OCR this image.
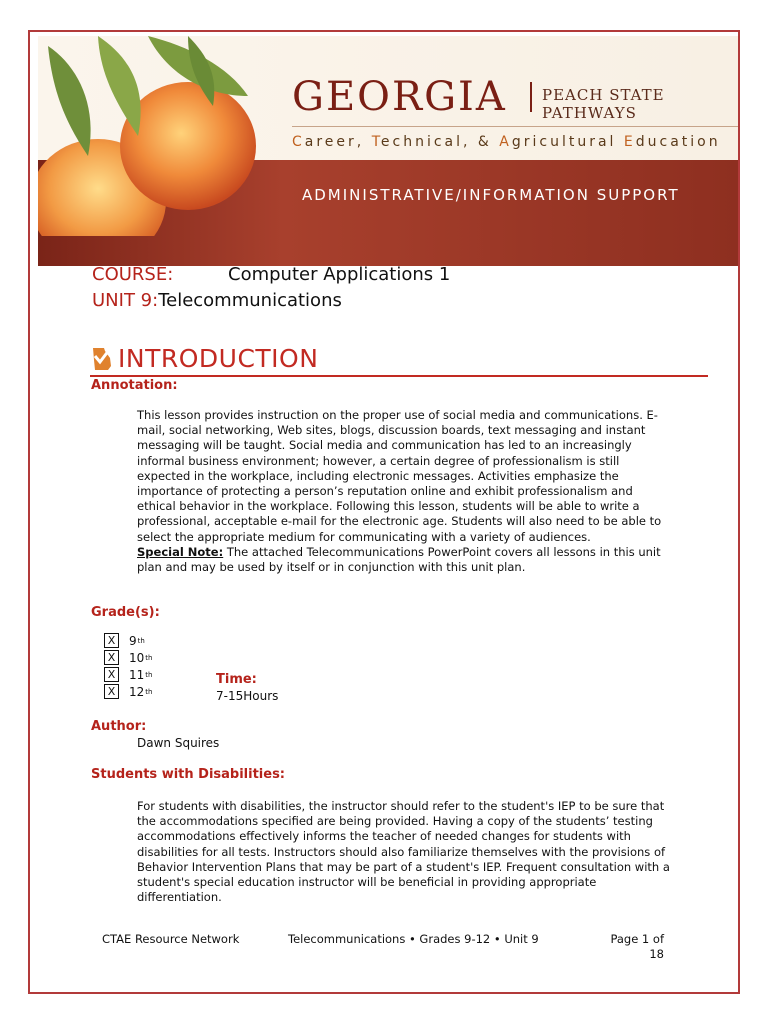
GEORGIA PEACH STATE PATHWAYS
Career, Technical, & Agricultural Education
ADMINISTRATIVE/INFORMATION SUPPORT
COURSE:	Computer Applications 1
UNIT 9:Telecommunications
INTRODUCTION
Annotation:
This lesson provides instruction on the proper use of social media and communications. E-mail, social networking, Web sites, blogs, discussion boards, text messaging and instant messaging will be taught. Social media and communication has led to an increasingly informal business environment; however, a certain degree of professionalism is still expected in the workplace, including electronic messages. Activities emphasize the importance of protecting a person’s reputation online and exhibit professionalism and ethical behavior in the workplace. Following this lesson, students will be able to write a professional, acceptable e-mail for the electronic age. Students will also need to be able to select the appropriate medium for communicating with a variety of audiences.
Special Note: The attached Telecommunications PowerPoint covers all lessons in this unit plan and may be used by itself or in conjunction with this unit plan.
Grade(s):
X	9 th
X	10 th
X	11 th
X	12 th
Time:
7-15Hours
Author:
Dawn Squires
Students with Disabilities:
For students with disabilities, the instructor should refer to the student's IEP to be sure that the accommodations specified are being provided. Having a copy of the students’ testing accommodations effectively informs the teacher of needed changes for students with disabilities for all tests. Instructors should also familiarize themselves with the provisions of Behavior Intervention Plans that may be part of a student's IEP. Frequent consultation with a student's special education instructor will be beneficial in providing appropriate differentiation.
CTAE Resource Network	Telecommunications • Grades 9-12 • Unit 9	Page 1 of
18
